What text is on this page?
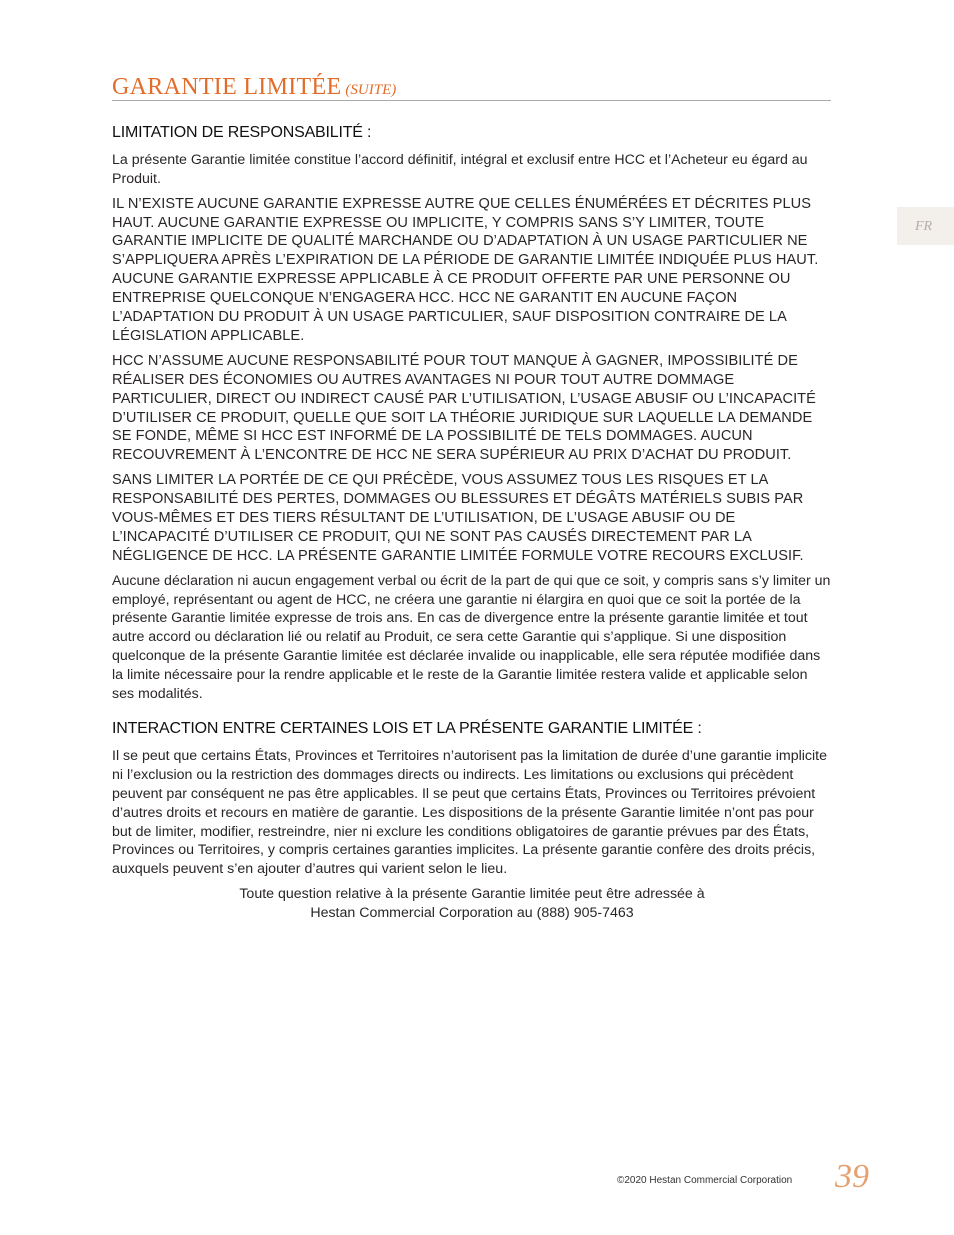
GARANTIE LIMITÉE (SUITE)
FR
LIMITATION DE RESPONSABILITÉ :

La présente Garantie limitée constitue l’accord définitif, intégral et exclusif entre HCC et l’Acheteur eu égard au Produit.

IL N’EXISTE AUCUNE GARANTIE EXPRESSE AUTRE QUE CELLES ÉNUMÉRÉES ET DÉCRITES PLUS HAUT. AUCUNE GARANTIE EXPRESSE OU IMPLICITE, Y COMPRIS SANS S’Y LIMITER, TOUTE GARANTIE IMPLICITE DE QUALITÉ MARCHANDE OU D’ADAPTATION À UN USAGE PARTICULIER NE S’APPLIQUERA APRÈS L’EXPIRATION DE LA PÉRIODE DE GARANTIE LIMITÉE INDIQUÉE PLUS HAUT. AUCUNE GARANTIE EXPRESSE APPLICABLE À CE PRODUIT OFFERTE PAR UNE PERSONNE OU ENTREPRISE QUELCONQUE N’ENGAGERA HCC. HCC NE GARANTIT EN AUCUNE FAÇON L’ADAPTATION DU PRODUIT À UN USAGE PARTICULIER, SAUF DISPOSITION CONTRAIRE DE LA LÉGISLATION APPLICABLE.

HCC N’ASSUME AUCUNE RESPONSABILITÉ POUR TOUT MANQUE À GAGNER, IMPOSSIBILITÉ DE RÉALISER DES ÉCONOMIES OU AUTRES AVANTAGES NI POUR TOUT AUTRE DOMMAGE PARTICULIER, DIRECT OU INDIRECT CAUSÉ PAR L’UTILISATION, L’USAGE ABUSIF OU L’INCAPACITÉ D’UTILISER CE PRODUIT, QUELLE QUE SOIT LA THÉORIE JURIDIQUE SUR LAQUELLE LA DEMANDE SE FONDE, MÊME SI HCC EST INFORMÉ DE LA POSSIBILITÉ DE TELS DOMMAGES. AUCUN RECOUVREMENT À L’ENCONTRE DE HCC NE SERA SUPÉRIEUR AU PRIX D’ACHAT DU PRODUIT.

SANS LIMITER LA PORTÉE DE CE QUI PRÉCÈDE, VOUS ASSUMEZ TOUS LES RISQUES ET LA RESPONSABILITÉ DES PERTES, DOMMAGES OU BLESSURES ET DÉGÂTS MATÉRIELS SUBIS PAR VOUS-MÊMES ET DES TIERS RÉSULTANT DE L’UTILISATION, DE L’USAGE ABUSIF OU DE L’INCAPACITÉ D’UTILISER CE PRODUIT, QUI NE SONT PAS CAUSÉS DIRECTEMENT PAR LA NÉGLIGENCE DE HCC. LA PRÉSENTE GARANTIE LIMITÉE FORMULE VOTRE RECOURS EXCLUSIF.

Aucune déclaration ni aucun engagement verbal ou écrit de la part de qui que ce soit, y compris sans s’y limiter un employé, représentant ou agent de HCC, ne créera une garantie ni élargira en quoi que ce soit la portée de la présente Garantie limitée expresse de trois ans. En cas de divergence entre la présente garantie limitée et tout autre accord ou déclaration lié ou relatif au Produit, ce sera cette Garantie qui s’applique. Si une disposition quelconque de la présente Garantie limitée est déclarée invalide ou inapplicable, elle sera réputée modifiée dans la limite nécessaire pour la rendre applicable et le reste de la Garantie limitée restera valide et applicable selon ses modalités.

INTERACTION ENTRE CERTAINES LOIS ET LA PRÉSENTE GARANTIE LIMITÉE :

Il se peut que certains États, Provinces et Territoires n’autorisent pas la limitation de durée d’une garantie implicite ni l’exclusion ou la restriction des dommages directs ou indirects. Les limitations ou exclusions qui précèdent peuvent par conséquent ne pas être applicables. Il se peut que certains États, Provinces ou Territoires prévoient d’autres droits et recours en matière de garantie. Les dispositions de la présente Garantie limitée n’ont pas pour but de limiter, modifier, restreindre, nier ni exclure les conditions obligatoires de garantie prévues par des États, Provinces ou Territoires, y compris certaines garanties implicites. La présente garantie confère des droits précis, auxquels peuvent s’en ajouter d’autres qui varient selon le lieu.

Toute question relative à la présente Garantie limitée peut être adressée à

Hestan Commercial Corporation au (888) 905-7463

©2020 Hestan Commercial Corporation 39
